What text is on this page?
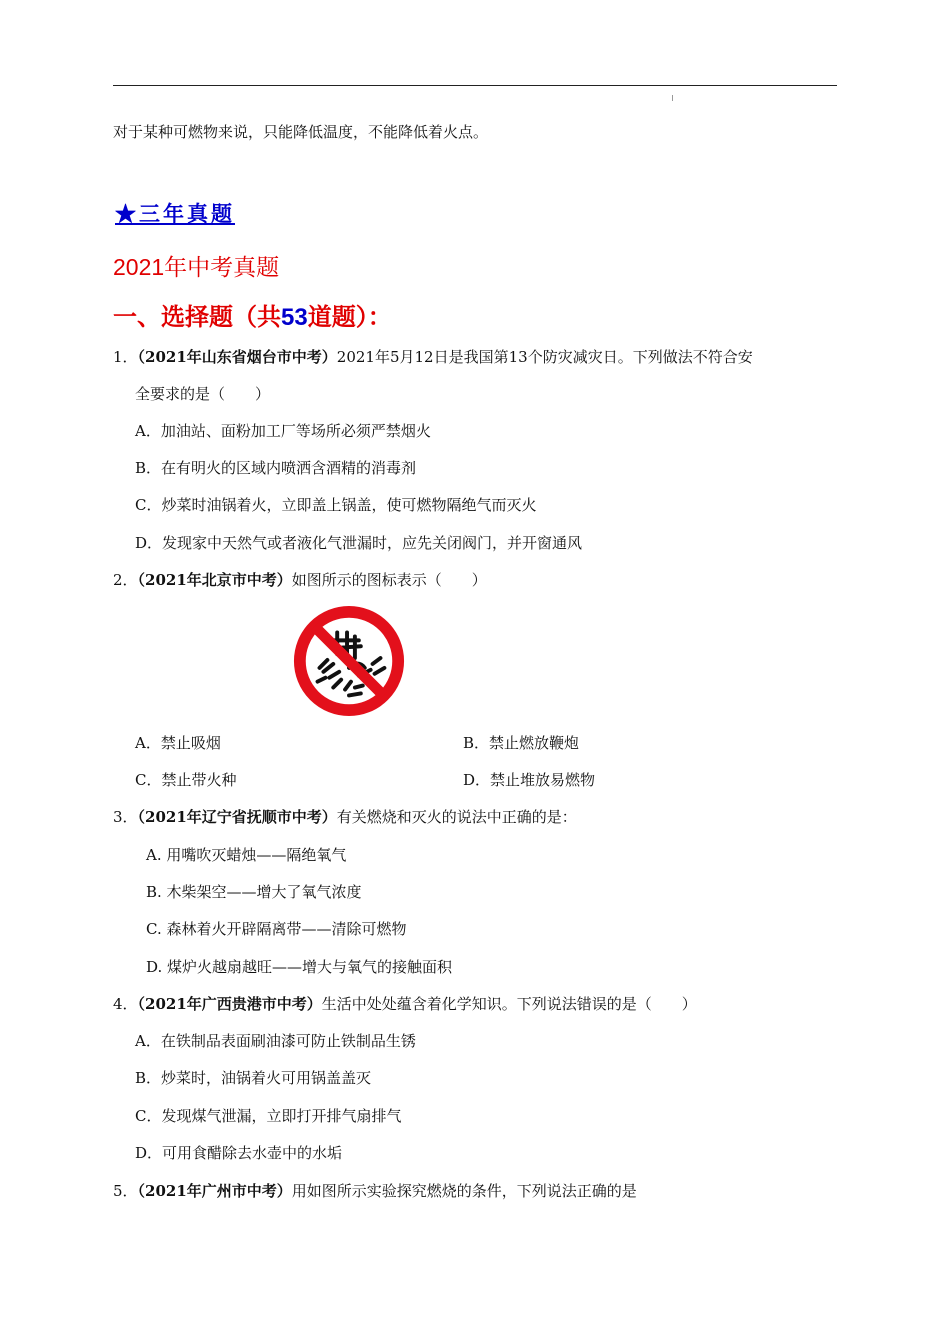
对于某种可燃物来说，只能降低温度，不能降低着火点。
★三年真题
2021年中考真题
一、选择题（共53道题）：
1．（2021年山东省烟台市中考）2021年5月12日是我国第13个防灾减灾日。下列做法不符合安
全要求的是（　　）
A．加油站、面粉加工厂等场所必须严禁烟火
B．在有明火的区域内喷洒含酒精的消毒剂
C．炒菜时油锅着火，立即盖上锅盖，使可燃物隔绝气而灭火
D．发现家中天然气或者液化气泄漏时，应先关闭阀门，并开窗通风
2．（2021年北京市中考）如图所示的图标表示（　　）
A．禁止吸烟	B．禁止燃放鞭炮
C．禁止带火种	D．禁止堆放易燃物
3．（2021年辽宁省抚顺市中考）有关燃烧和灭火的说法中正确的是：
A. 用嘴吹灭蜡烛——隔绝氧气
B. 木柴架空——增大了氧气浓度
C. 森林着火开辟隔离带——清除可燃物
D. 煤炉火越扇越旺——增大与氧气的接触面积
4．（2021年广西贵港市中考）生活中处处蕴含着化学知识。下列说法错误的是（　　）
A．在铁制品表面刷油漆可防止铁制品生锈
B．炒菜时，油锅着火可用锅盖盖灭
C．发现煤气泄漏，立即打开排气扇排气
D．可用食醋除去水壶中的水垢
5．（2021年广州市中考）用如图所示实验探究燃烧的条件，下列说法正确的是
